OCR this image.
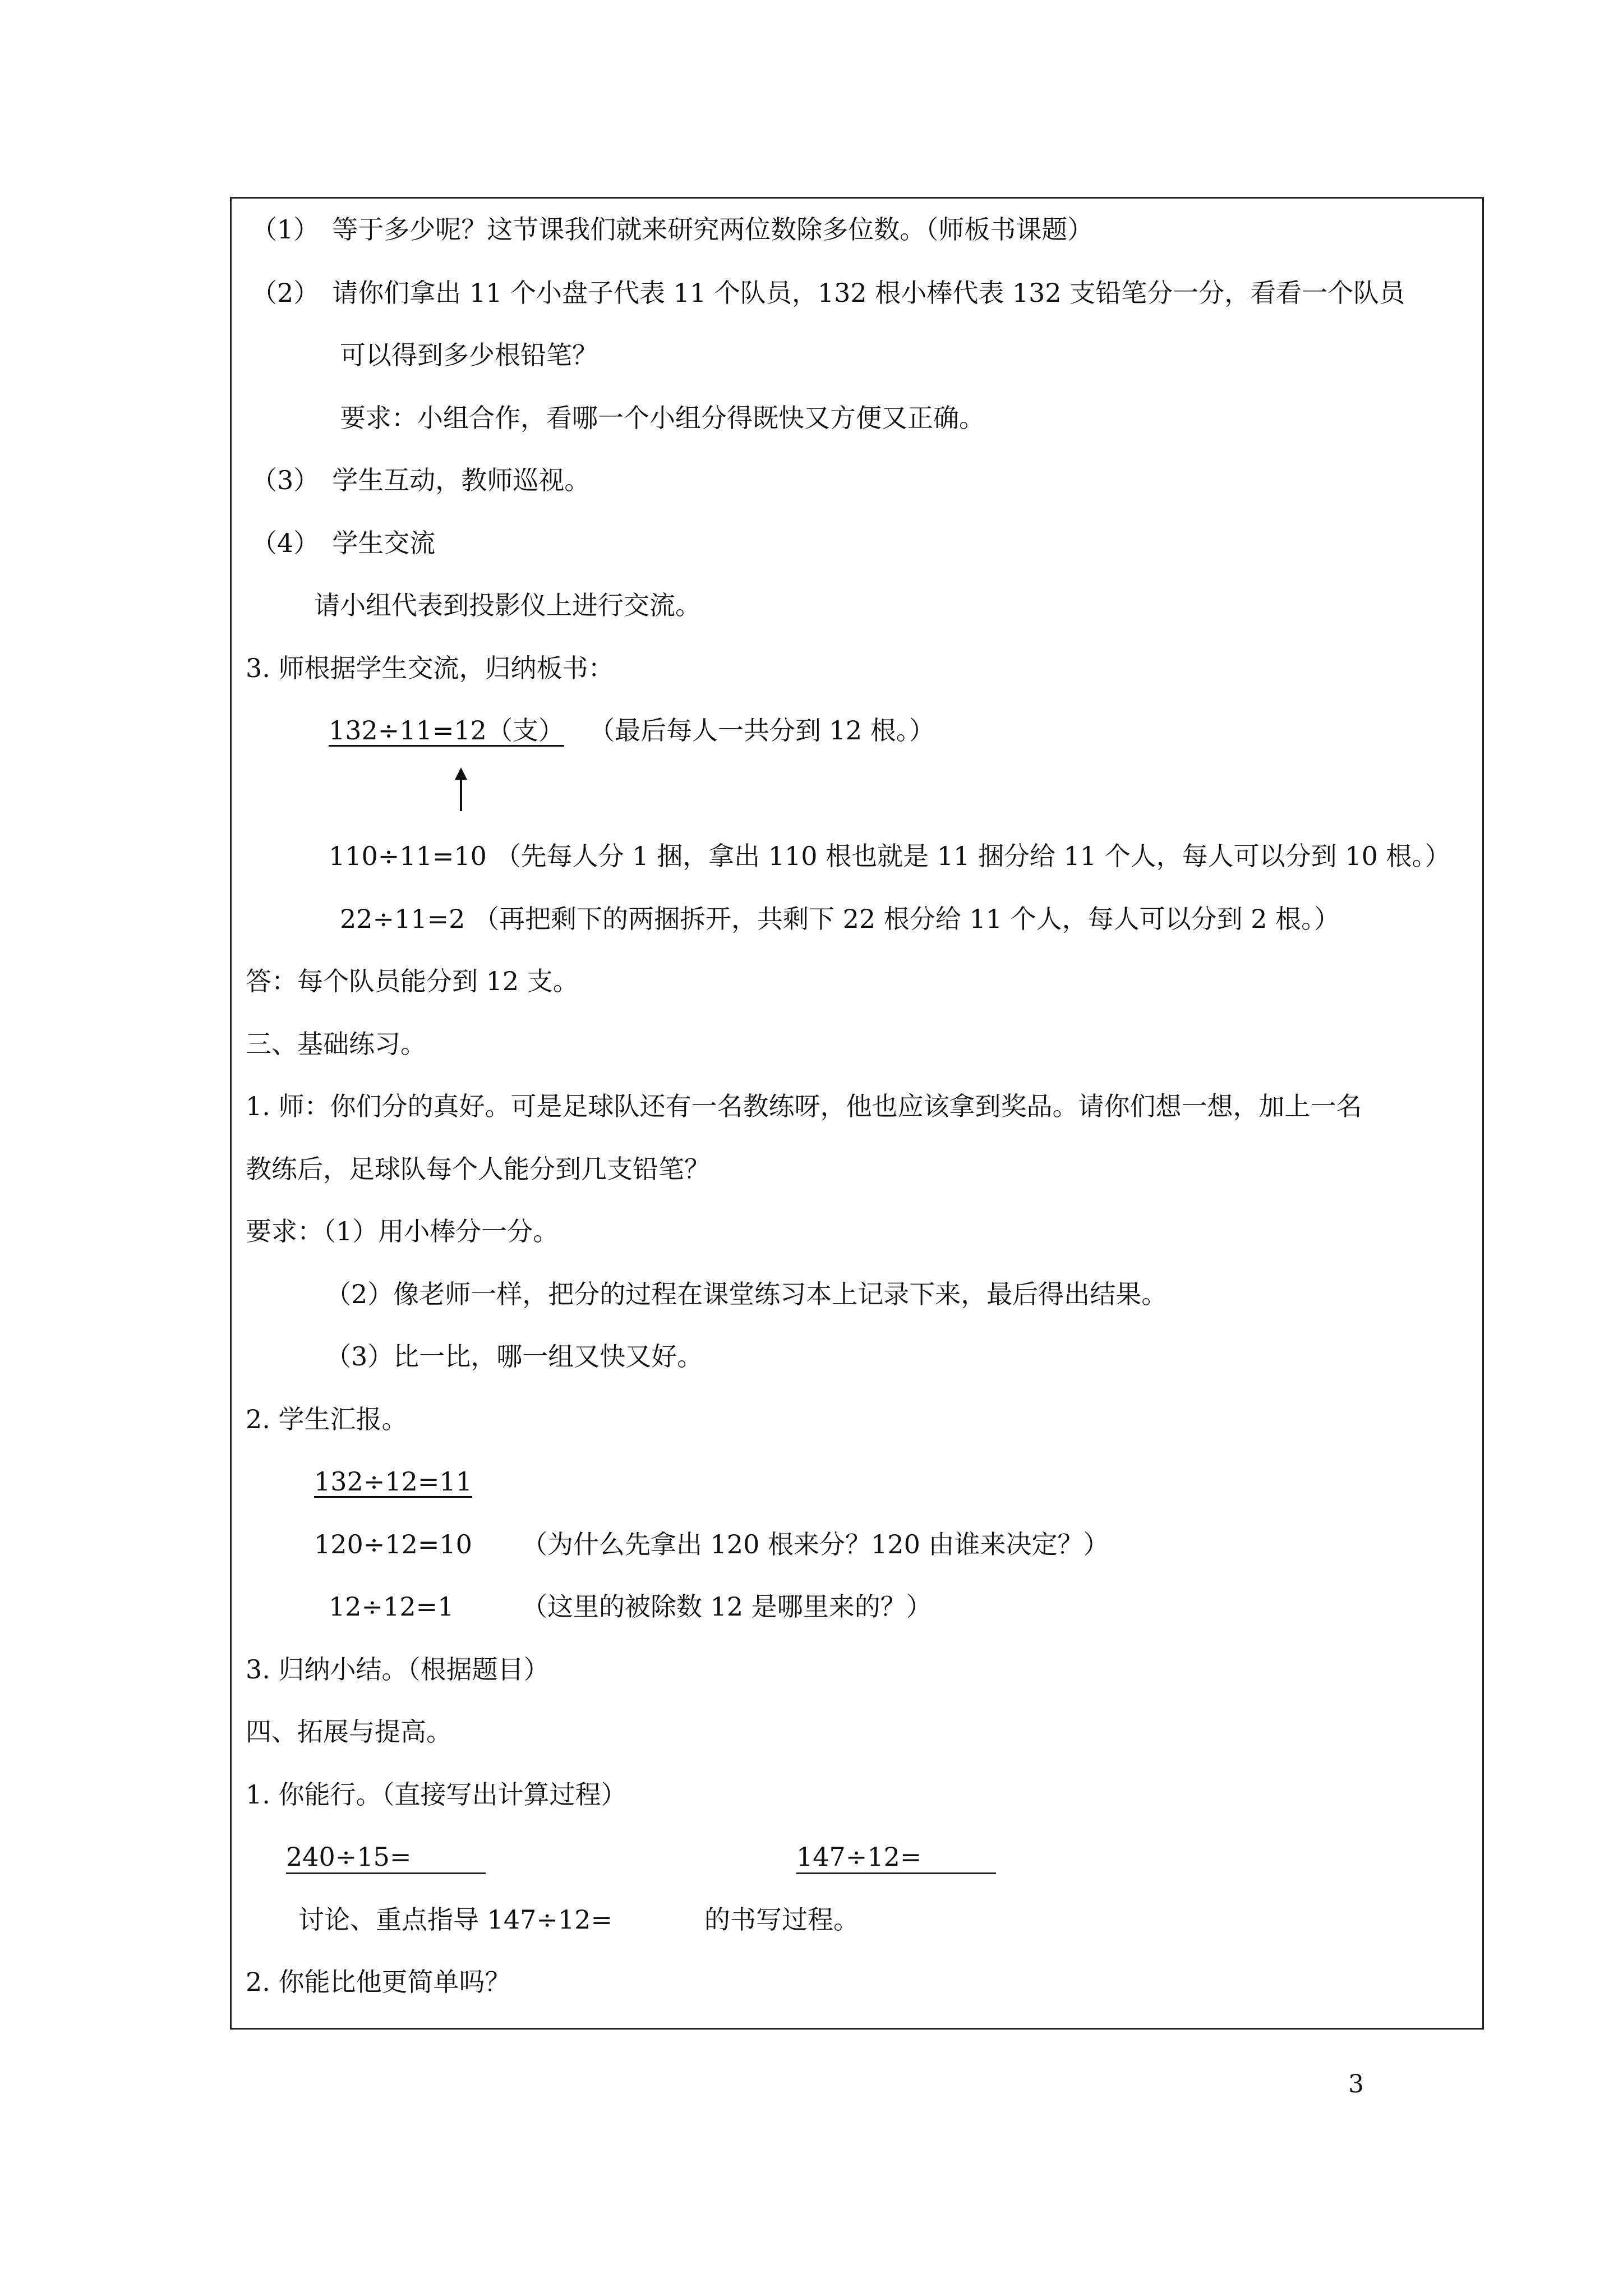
（1）　等于多少呢？这节课我们就来研究两位数除多位数。（师板书课题）
（2）　请你们拿出 11 个小盘子代表 11 个队员，132 根小棒代表 132 支铅笔分一分，看看一个队员
可以得到多少根铅笔？
要求：小组合作，看哪一个小组分得既快又方便又正确。
（3）　学生互动，教师巡视。
（4）　学生交流
请小组代表到投影仪上进行交流。
3. 师根据学生交流，归纳板书：
132÷11=12（支） （最后每人一共分到 12 根。）
110÷11=10 （先每人分 1 捆，拿出 110 根也就是 11 捆分给 11 个人，每人可以分到 10 根。）
22÷11=2 （再把剩下的两捆拆开，共剩下 22 根分给 11 个人，每人可以分到 2 根。）
答：每个队员能分到 12 支。
三、基础练习。
1. 师：你们分的真好。可是足球队还有一名教练呀，他也应该拿到奖品。请你们想一想，加上一名
教练后，足球队每个人能分到几支铅笔？
要求：（1）用小棒分一分。
（2）像老师一样，把分的过程在课堂练习本上记录下来，最后得出结果。
（3）比一比，哪一组又快又好。
2. 学生汇报。
132÷12=11
120÷12=10 （为什么先拿出 120 根来分？120 由谁来决定？）
12÷12=1	（这里的被除数 12 是哪里来的？）
3. 归纳小结。（根据题目）
四、拓展与提高。
1. 你能行。（直接写出计算过程）
240÷15=	147÷12=
讨论、重点指导 147÷12=	的书写过程。
2. 你能比他更简单吗？
3
